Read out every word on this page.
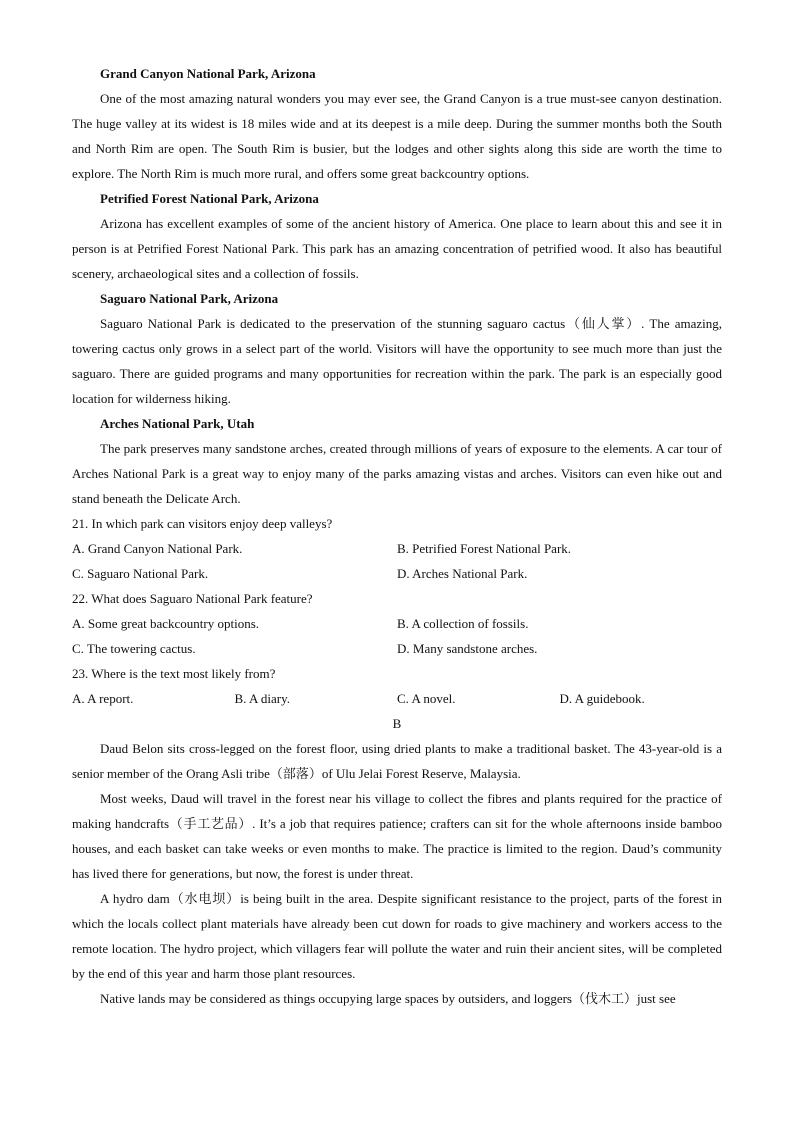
Grand Canyon National Park, Arizona

One of the most amazing natural wonders you may ever see, the Grand Canyon is a true must-see canyon destination. The huge valley at its widest is 18 miles wide and at its deepest is a mile deep. During the summer months both the South and North Rim are open. The South Rim is busier, but the lodges and other sights along this side are worth the time to explore. The North Rim is much more rural, and offers some great backcountry options.

Petrified Forest National Park, Arizona

Arizona has excellent examples of some of the ancient history of America. One place to learn about this and see it in person is at Petrified Forest National Park. This park has an amazing concentration of petrified wood. It also has beautiful scenery, archaeological sites and a collection of fossils.

Saguaro National Park, Arizona

Saguaro National Park is dedicated to the preservation of the stunning saguaro cactus（仙人掌）. The amazing, towering cactus only grows in a select part of the world. Visitors will have the opportunity to see much more than just the saguaro. There are guided programs and many opportunities for recreation within the park. The park is an especially good location for wilderness hiking.

Arches National Park, Utah

The park preserves many sandstone arches, created through millions of years of exposure to the elements. A car tour of Arches National Park is a great way to enjoy many of the parks amazing vistas and arches. Visitors can even hike out and stand beneath the Delicate Arch.

21. In which park can visitors enjoy deep valleys?

A. Grand Canyon National Park.	B. Petrified Forest National Park.
C. Saguaro National Park.	D. Arches National Park.

22. What does Saguaro National Park feature?

A. Some great backcountry options.	B. A collection of fossils.
C. The towering cactus.	D. Many sandstone arches.

23. Where is the text most likely from?

A. A report.	B. A diary.	C. A novel.	D. A guidebook.

B

Daud Belon sits cross-legged on the forest floor, using dried plants to make a traditional basket. The 43-year-old is a senior member of the Orang Asli tribe（部落）of Ulu Jelai Forest Reserve, Malaysia.

Most weeks, Daud will travel in the forest near his village to collect the fibres and plants required for the practice of making handcrafts（手工艺品）. It’s a job that requires patience; crafters can sit for the whole afternoons inside bamboo houses, and each basket can take weeks or even months to make. The practice is limited to the region. Daud’s community has lived there for generations, but now, the forest is under threat.

A hydro dam（水电坝）is being built in the area. Despite significant resistance to the project, parts of the forest in which the locals collect plant materials have already been cut down for roads to give machinery and workers access to the remote location. The hydro project, which villagers fear will pollute the water and ruin their ancient sites, will be completed by the end of this year and harm those plant resources.

Native lands may be considered as things occupying large spaces by outsiders, and loggers（伐木工）just see
